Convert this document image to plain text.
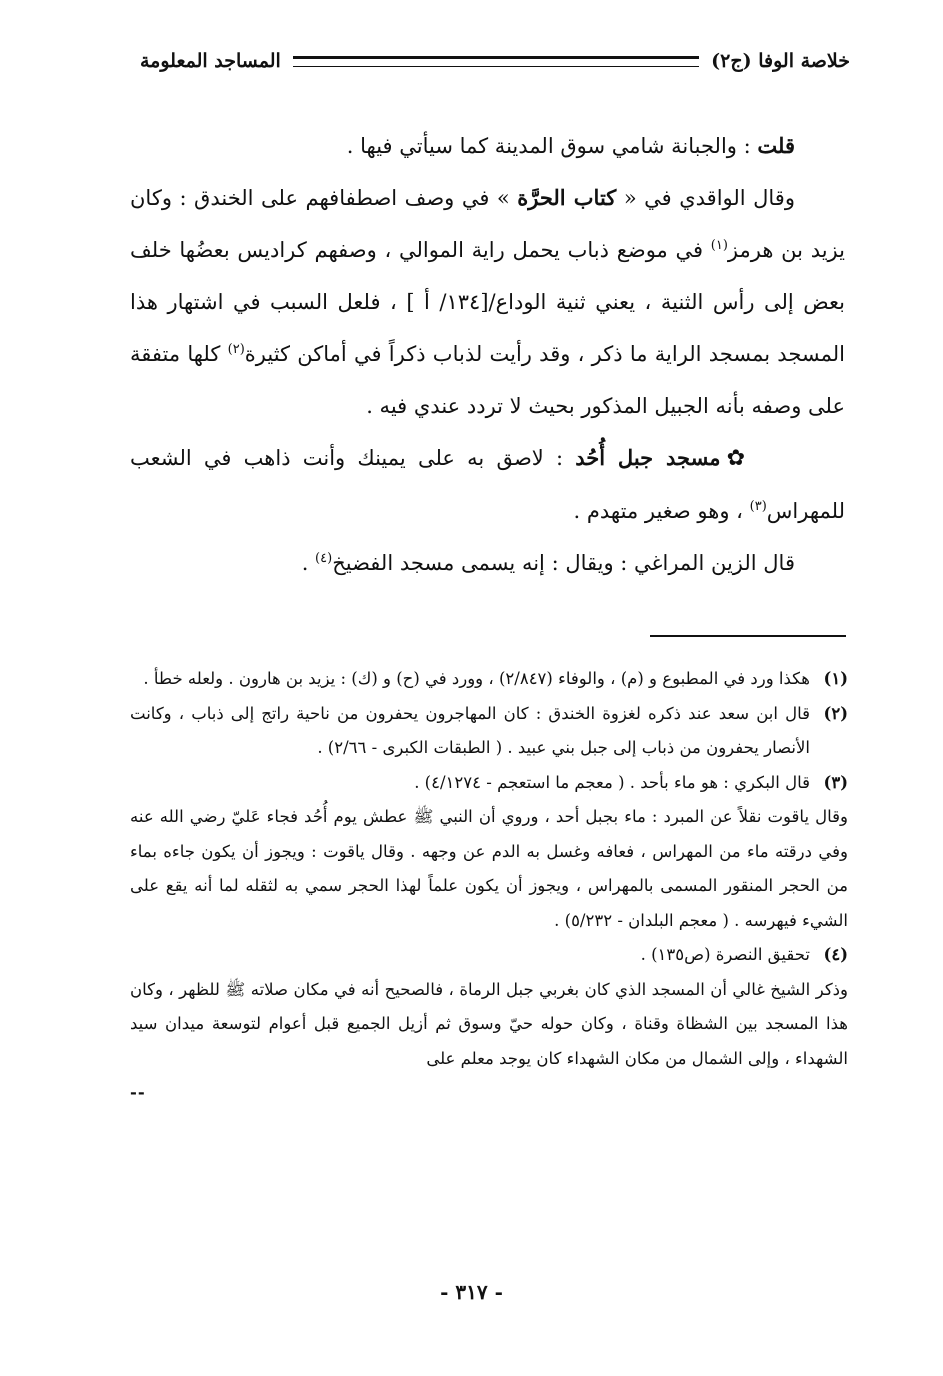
خلاصة الوفا (ج٢)
المساجد المعلومة

قلت : والجبانة شامي سوق المدينة كما سيأتي فيها .

وقال الواقدي في « كتاب الحرَّة » في وصف اصطفافهم على الخندق : وكان يزيد بن هرمز$^{(١)}$ في موضع ذباب يحمل راية الموالي ، وصفهم كراديس بعضُها خلف بعض إلى رأس الثنية ، يعني ثنية الوداع/[١٣٤/ أ ] ، فلعل السبب في اشتهار هذا المسجد بمسجد الراية ما ذكر ، وقد رأيت لذباب ذكراً في أماكن كثيرة$^{(٢)}$ كلها متفقة على وصفه بأنه الجبيل المذكور بحيث لا تردد عندي فيه .

✿مسجد جبل أُحُد : لاصق به على يمينك وأنت ذاهب في الشعب للمهراس$^{(٣)}$ ، وهو صغير متهدم .

قال الزين المراغي : ويقال : إنه يسمى مسجد الفضيخ$^{(٤)}$ .

(١)
هكذا ورد في المطبوع و (م) ، والوفاء (٢/٨٤٧) ، وورد في (ح) و (ك) : يزيد بن هارون . ولعله خطأ .

(٢)
قال ابن سعد عند ذكره لغزوة الخندق : كان المهاجرون يحفرون من ناحية راتج إلى ذباب ، وكانت الأنصار يحفرون من ذباب إلى جبل بني عبيد . ( الطبقات الكبرى - ٢/٦٦) .

(٣)
قال البكري : هو ماء بأحد . ( معجم ما استعجم - ٤/١٢٧٤) .

وقال ياقوت نقلاً عن المبرد : ماء بجبل أحد ، وروي أن النبي ﷺ عطش يوم أُحُد فجاء عَليّ رضي الله عنه وفي درقته ماء من المهراس ، فعافه وغسل به الدم عن وجهه . وقال ياقوت : ويجوز أن يكون جاءه بماء من الحجر المنقور المسمى بالمهراس ، ويجوز أن يكون علماً لهذا الحجر سمي به لثقله لما أنه يقع على الشيء فيهرسه . ( معجم البلدان - ٥/٢٣٢) .

(٤)
تحقيق النصرة (ص١٣٥) .

وذكر الشيخ غالي أن المسجد الذي كان بغربي جبل الرماة ، فالصحيح أنه في مكان صلاته ﷺ للظهر ، وكان هذا المسجد بين الشظاة وقناة ، وكان حوله حيّ وسوق ثم أزيل الجميع قبل أعوام لتوسعة ميدان سيد الشهداء ، وإلى الشمال من مكان الشهداء كان يوجد معلم على

--

- ٣١٧ -
